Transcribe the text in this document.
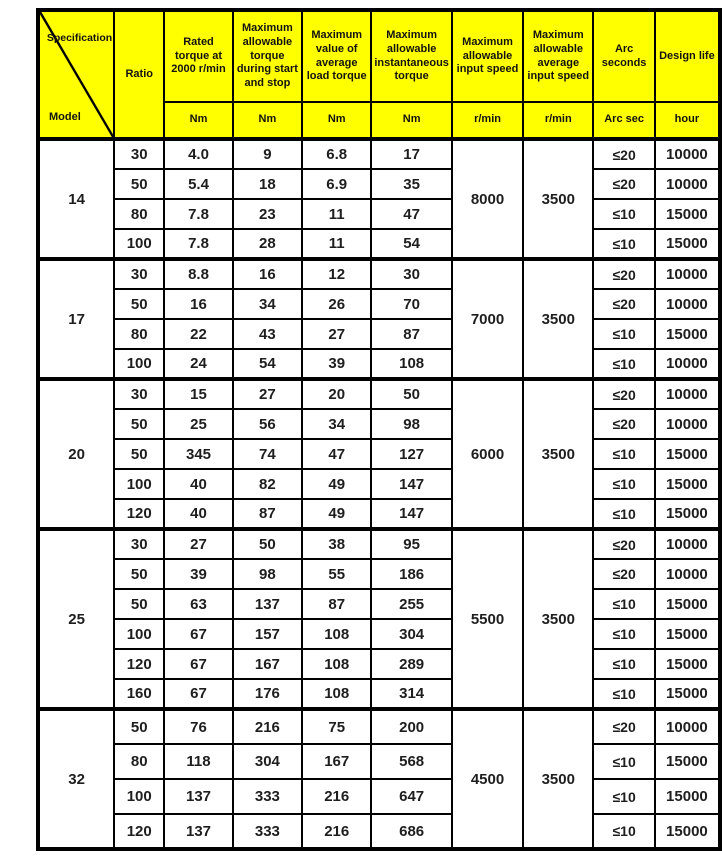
Specification
Model	Ratio	Rated torque at 2000 r/min	Maximum allowable torque during start and stop	Maximum value of average load torque	Maximum allowable instantaneous torque	Maximum allowable input speed	Maximum allowable average input speed	Arc seconds	Design life
		Nm	Nm	Nm	Nm	r/min	r/min	Arc sec	hour
14	30	4.0	9	6.8	17	8000	3500	≤20	10000
	50	5.4	18	6.9	35			≤20	10000
	80	7.8	23	11	47			≤10	15000
	100	7.8	28	11	54			≤10	15000
17	30	8.8	16	12	30	7000	3500	≤20	10000
	50	16	34	26	70			≤20	10000
	80	22	43	27	87			≤10	15000
	100	24	54	39	108			≤10	10000
20	30	15	27	20	50	6000	3500	≤20	10000
	50	25	56	34	98			≤20	10000
	50	345	74	47	127			≤10	15000
	100	40	82	49	147			≤10	15000
	120	40	87	49	147			≤10	15000
25	30	27	50	38	95	5500	3500	≤20	10000
	50	39	98	55	186			≤20	10000
	50	63	137	87	255			≤10	15000
	100	67	157	108	304			≤10	15000
	120	67	167	108	289			≤10	15000
	160	67	176	108	314			≤10	15000
32	50	76	216	75	200	4500	3500	≤20	10000
	80	118	304	167	568			≤10	15000
	100	137	333	216	647			≤10	15000
	120	137	333	216	686			≤10	15000
